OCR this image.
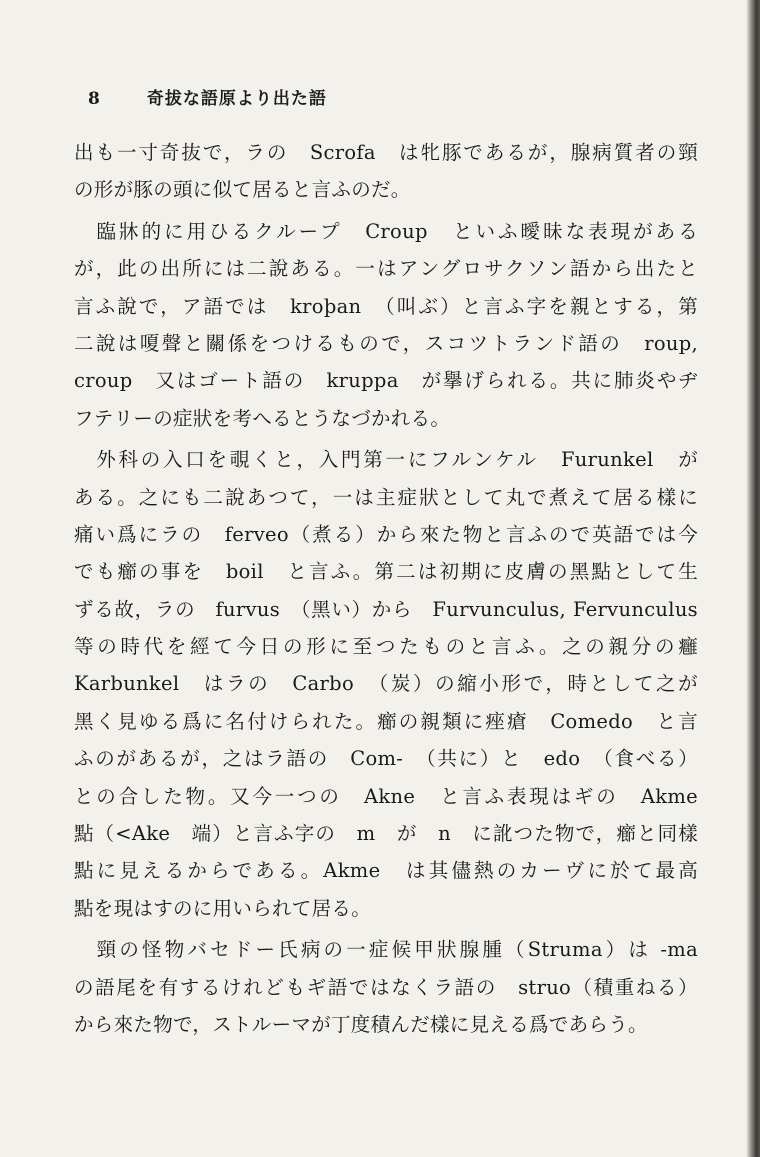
8	奇拔な語原より出た語
出も一寸奇抜で，ラの　Scrofa　は牝豚であるが，腺病質者の頸
の形が豚の頭に似て居ると言ふのだ。
　臨牀的に用ひるクループ　Croup　といふ曖昧な表現がある
が，此の出所には二說ある。一はアングロサクソン語から出たと
言ふ說で，ア語では　kroþan　（叫ぶ）と言ふ字を親とする，第
二說は嗄聲と關係をつけるもので，スコツトランド語の　roup,
croup　又はゴート語の　kruppa　が擧げられる。共に肺炎やヂ
フテリーの症狀を考へるとうなづかれる。
　外科の入口を覗くと，入門第一にフルンケル　Furunkel　が
ある。之にも二說あつて，一は主症狀として丸で煮えて居る樣に
痛い爲にラの　ferveo（煮る）から來た物と言ふので英語では今
でも癤の事を　boil　と言ふ。第二は初期に皮膚の黑點として生
ずる故，ラの　furvus　（黑い）から　Furvunculus, Fervunculus
等の時代を經て今日の形に至つたものと言ふ。之の親分の癰
Karbunkel　はラの　Carbo　（炭）の縮小形で，時として之が
黑く見ゆる爲に名付けられた。癤の親類に痤瘡　Comedo　と言
ふのがあるが，之はラ語の　Com-　（共に）と　edo　（食べる）
との合した物。又今一つの　Akne　と言ふ表現はギの　Akme
點（<Ake　端）と言ふ字の　m　が　n　に訛つた物で，癤と同樣
點に見えるからである。Akme　は其儘熱のカーヴに於て最高
點を現はすのに用いられて居る。
　頸の怪物バセドー氏病の一症候甲狀腺腫（Struma）は -ma
の語尾を有するけれどもギ語ではなくラ語の　struo（積重ねる）
から來た物で，ストルーマが丁度積んだ樣に見える爲であらう。
